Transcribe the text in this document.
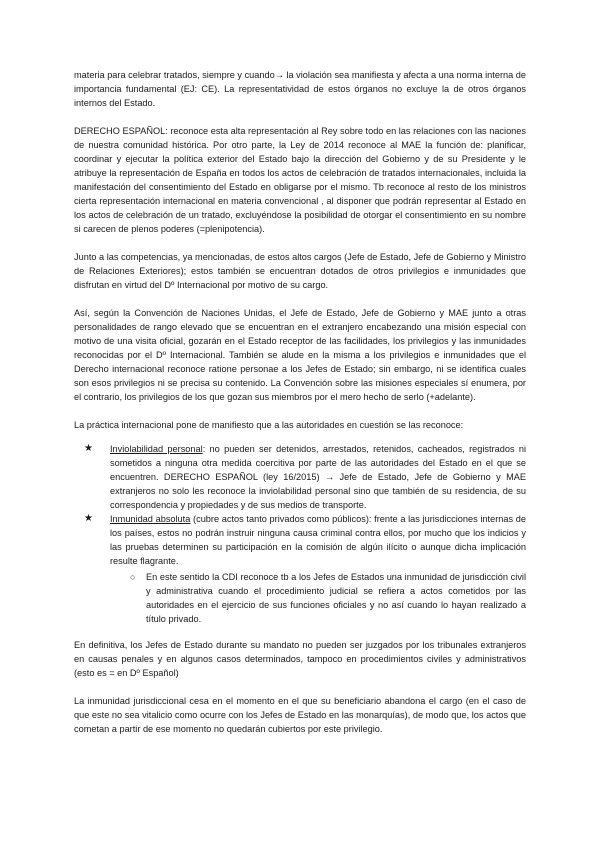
materia para celebrar tratados, siempre y cuando→ la violación sea manifiesta y afecta a una norma interna de importancia fundamental (EJ: CE). La representatividad de estos órganos no excluye la de otros órganos internos del Estado.

DERECHO ESPAÑOL: reconoce esta alta representación al Rey sobre todo en las relaciones con las naciones de nuestra comunidad histórica. Por otro parte, la Ley de 2014 reconoce al MAE la función de: planificar, coordinar y ejecutar la política exterior del Estado bajo la dirección del Gobierno y de su Presidente y le atribuye la representación de España en todos los actos de celebración de tratados internacionales, incluida la manifestación del consentimiento del Estado en obligarse por el mismo. Tb reconoce al resto de los ministros cierta representación internacional en materia convencional , al disponer que podrán representar al Estado en los actos de celebración de un tratado, excluyéndose la posibilidad de otorgar el consentimiento en su nombre si carecen de plenos poderes (=plenipotencia).

Junto a las competencias, ya mencionadas, de estos altos cargos (Jefe de Estado, Jefe de Gobierno y Ministro de Relaciones Exteriores); estos también se encuentran dotados de otros privilegios e inmunidades que disfrutan en virtud del Dº Internacional por motivo de su cargo.

Así, según la Convención de Naciones Unidas, el Jefe de Estado, Jefe de Gobierno y MAE junto a otras personalidades de rango elevado que se encuentran en el extranjero encabezando una misión especial con motivo de una visita oficial, gozarán en el Estado receptor de las facilidades, los privilegios y las inmunidades reconocidas por el Dº Internacional. También se alude en la misma a los privilegios e inmunidades que el Derecho internacional reconoce ratione personae a los Jefes de Estado; sin embargo, ni se identifica cuales son esos privilegios ni se precisa su contenido. La Convención sobre las misiones especiales sí enumera, por el contrario, los privilegios de los que gozan sus miembros por el mero hecho de serlo (+adelante).

La práctica internacional pone de manifiesto que a las autoridades en cuestión se las reconoce:

★ Inviolabilidad personal: no pueden ser detenidos, arrestados, retenidos, cacheados, registrados ni sometidos a ninguna otra medida coercitiva por parte de las autoridades del Estado en el que se encuentren. DERECHO ESPAÑOL (ley 16/2015) → Jefe de Estado, Jefe de Gobierno y MAE extranjeros no solo les reconoce la inviolabilidad personal sino que también de su residencia, de su correspondencia y propiedades y de sus medios de transporte.
★ Inmunidad absoluta (cubre actos tanto privados como públicos): frente a las jurisdicciones internas de los países, estos no podrán instruir ninguna causa criminal contra ellos, por mucho que los indicios y las pruebas determinen su participación en la comisión de algún ilícito o aunque dicha implicación resulte flagrante.
○ En este sentido la CDI reconoce tb a los Jefes de Estados una inmunidad de jurisdicción civil y administrativa cuando el procedimiento judicial se refiera a actos cometidos por las autoridades en el ejercicio de sus funciones oficiales y no así cuando lo hayan realizado a título privado.

En definitiva, los Jefes de Estado durante su mandato no pueden ser juzgados por los tribunales extranjeros en causas penales y en algunos casos determinados, tampoco en procedimientos civiles y administrativos (esto es = en Dº Español)

La inmunidad jurisdiccional cesa en el momento en el que su beneficiario abandona el cargo (en el caso de que este no sea vitalicio como ocurre con los Jefes de Estado en las monarquías), de modo que, los actos que cometan a partir de ese momento no quedarán cubiertos por este privilegio.
